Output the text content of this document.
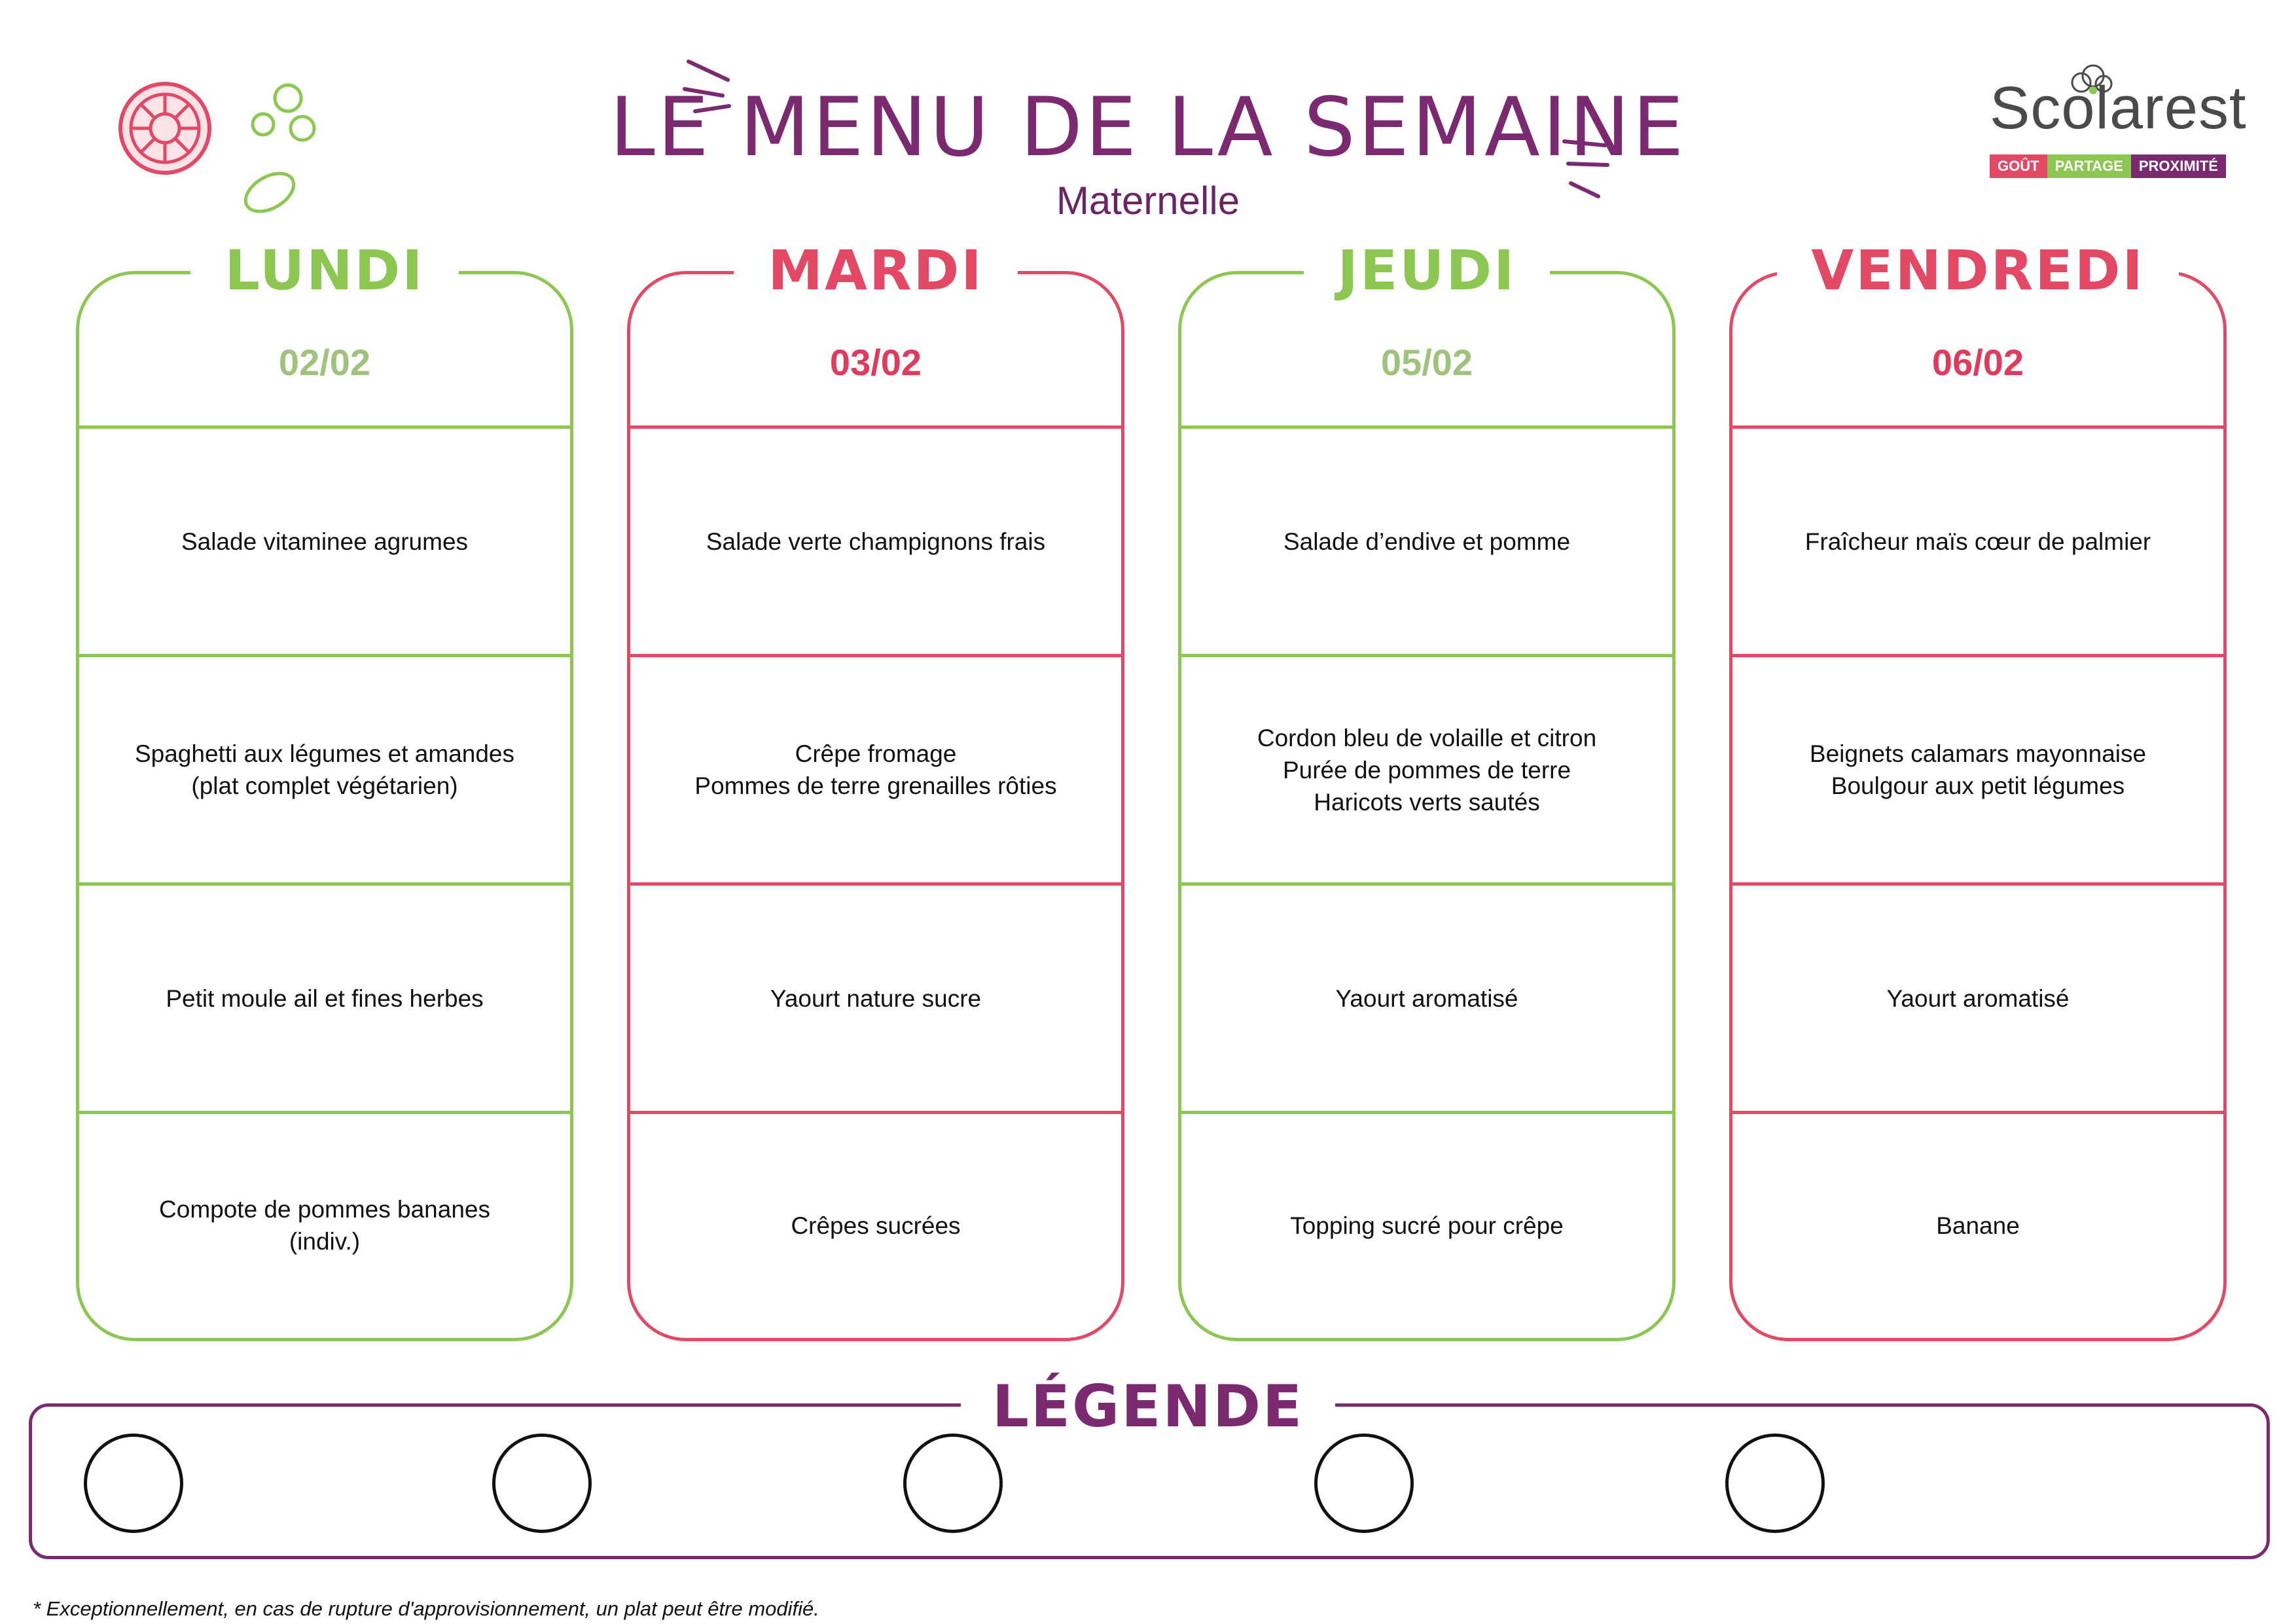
LE MENU DE LA SEMAINE
Maternelle
Scolarest
GOÛT	PARTAGE	PROXIMITÉ
LUNDI
02/02
Salade vitaminee agrumes
Spaghetti aux légumes et amandes
(plat complet végétarien)
Petit moule ail et fines herbes
Compote de pommes bananes
(indiv.)
MARDI
03/02
Salade verte champignons frais
Crêpe fromage
Pommes de terre grenailles rôties
Yaourt nature sucre
Crêpes sucrées
JEUDI
05/02
Salade d’endive et pomme
Cordon bleu de volaille et citron
Purée de pommes de terre
Haricots verts sautés
Yaourt aromatisé
Topping sucré pour crêpe
VENDREDI
06/02
Fraîcheur maïs cœur de palmier
Beignets calamars mayonnaise
Boulgour aux petit légumes
Yaourt aromatisé
Banane
LÉGENDE
* Exceptionnellement, en cas de rupture d'approvisionnement, un plat peut être modifié.
